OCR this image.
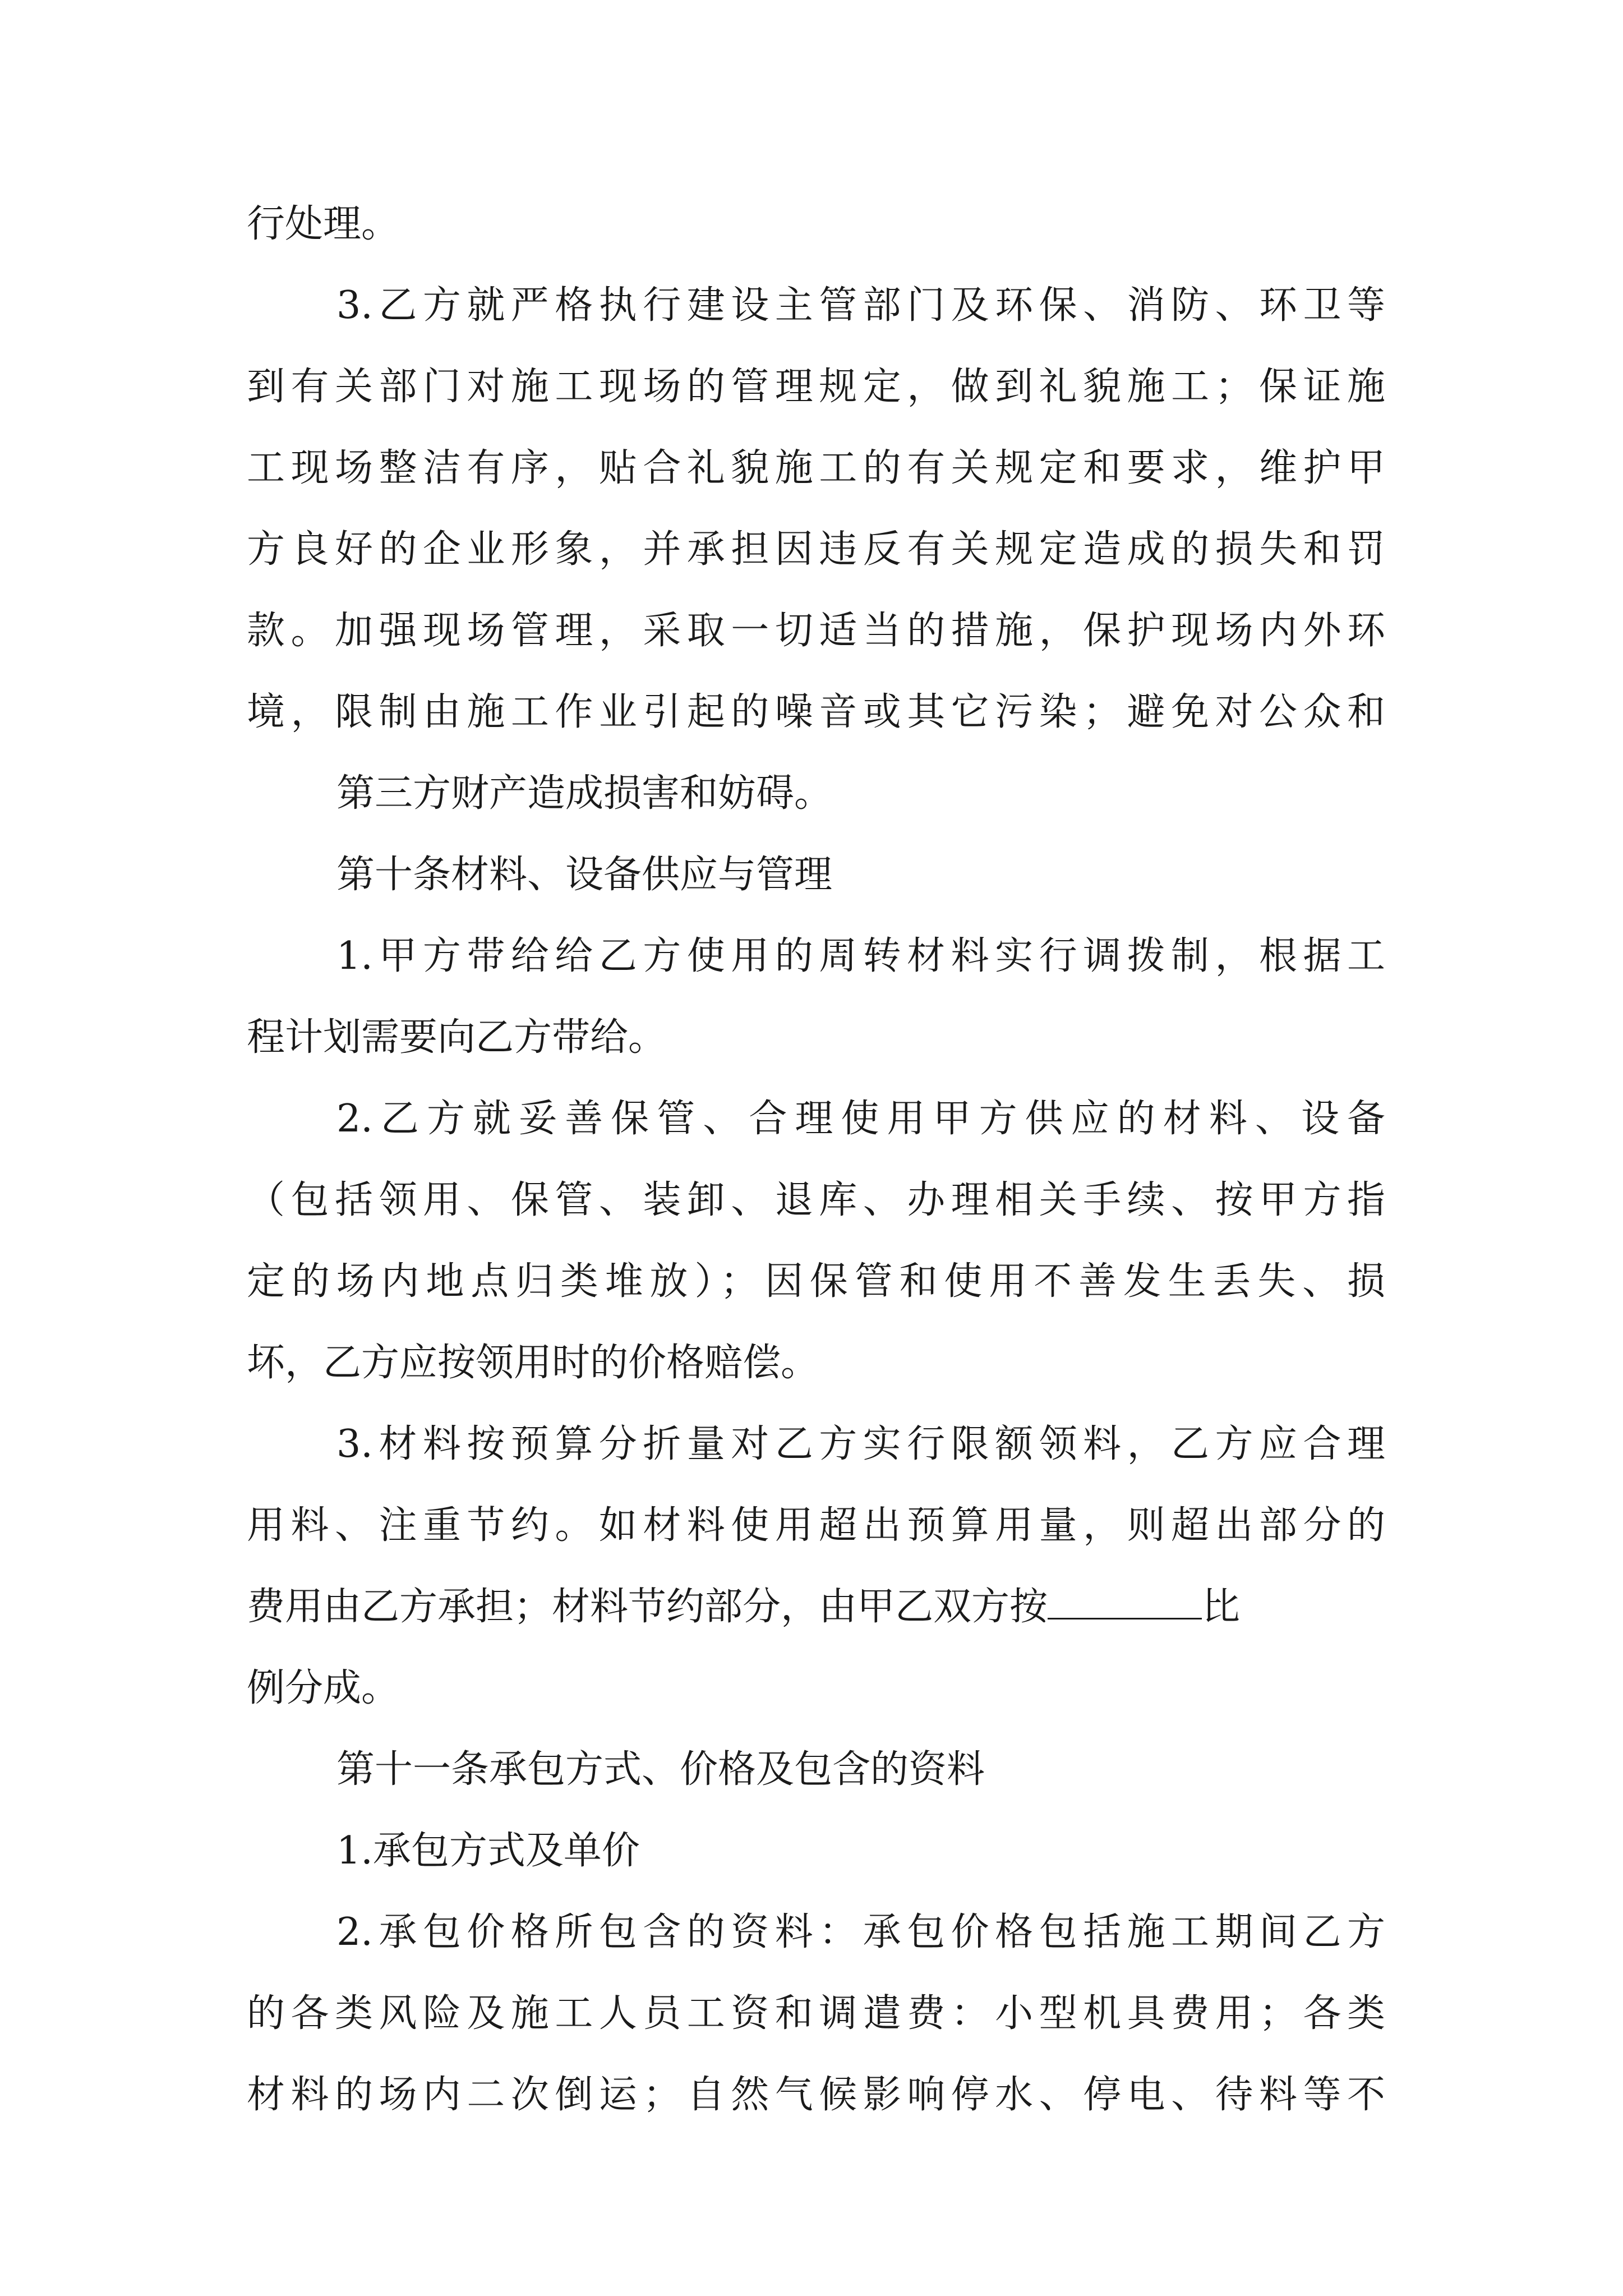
行处理。
3.乙方就严格执行建设主管部门及环保、消防、环卫等
到有关部门对施工现场的管理规定，做到礼貌施工；保证施
工现场整洁有序，贴合礼貌施工的有关规定和要求，维护甲
方良好的企业形象，并承担因违反有关规定造成的损失和罚
款。加强现场管理，采取一切适当的措施，保护现场内外环
境，限制由施工作业引起的噪音或其它污染；避免对公众和
第三方财产造成损害和妨碍。
第十条材料、设备供应与管理
1.甲方带给给乙方使用的周转材料实行调拨制，根据工
程计划需要向乙方带给。
2.乙方就妥善保管、合理使用甲方供应的材料、设备
（包括领用、保管、装卸、退库、办理相关手续、按甲方指
定的场内地点归类堆放）；因保管和使用不善发生丢失、损
坏，乙方应按领用时的价格赔偿。
3.材料按预算分折量对乙方实行限额领料，乙方应合理
用料、注重节约。如材料使用超出预算用量，则超出部分的
费用由乙方承担；材料节约部分，由甲乙双方按	比
例分成。
第十一条承包方式、价格及包含的资料
1.承包方式及单价
2.承包价格所包含的资料：承包价格包括施工期间乙方
的各类风险及施工人员工资和调遣费：小型机具费用；各类
材料的场内二次倒运；自然气候影响停水、停电、待料等不
